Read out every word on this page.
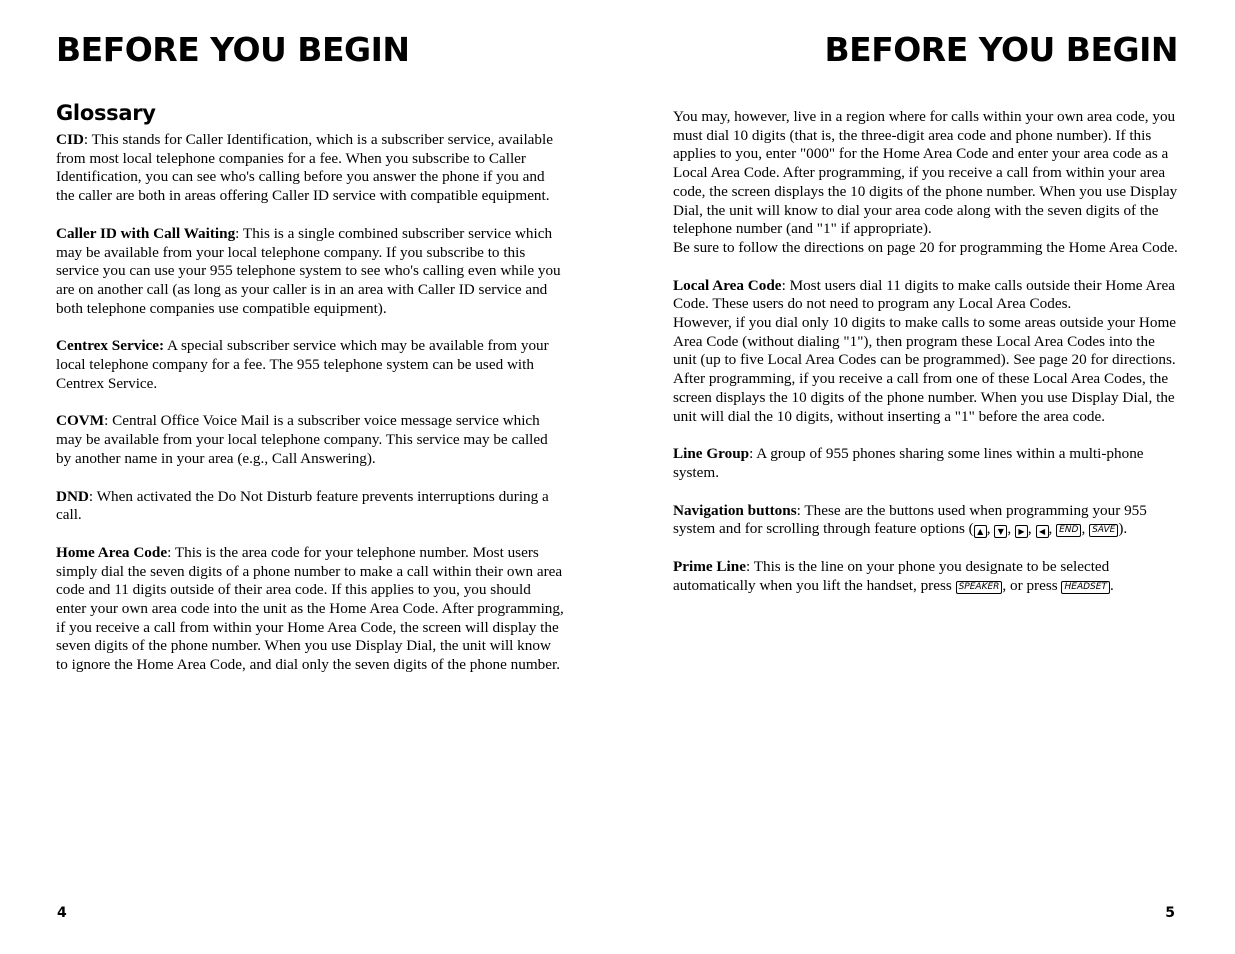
BEFORE YOU BEGIN	BEFORE YOU BEGIN
Glossary

CID: This stands for Caller Identification, which is a subscriber service, available from most local telephone companies for a fee. When you subscribe to Caller Identification, you can see who's calling before you answer the phone if you and the caller are both in areas offering Caller ID service with compatible equipment.

Caller ID with Call Waiting: This is a single combined subscriber service which may be available from your local telephone company. If you subscribe to this service you can use your 955 telephone system to see who's calling even while you are on another call (as long as your caller is in an area with Caller ID service and both telephone companies use compatible equipment).

Centrex Service: A special subscriber service which may be available from your local telephone company for a fee. The 955 telephone system can be used with Centrex Service.

COVM: Central Office Voice Mail is a subscriber voice message service which may be available from your local telephone company. This service may be called by another name in your area (e.g., Call Answering).

DND: When activated the Do Not Disturb feature prevents interruptions during a call.

Home Area Code: This is the area code for your telephone number. Most users simply dial the seven digits of a phone number to make a call within their own area code and 11 digits outside of their area code. If this applies to you, you should enter your own area code into the unit as the Home Area Code. After programming, if you receive a call from within your Home Area Code, the screen will display the seven digits of the phone number. When you use Display Dial, the unit will know to ignore the Home Area Code, and dial only the seven digits of the phone number.

You may, however, live in a region where for calls within your own area code, you must dial 10 digits (that is, the three-digit area code and phone number). If this applies to you, enter "000" for the Home Area Code and enter your area code as a Local Area Code. After programming, if you receive a call from within your area code, the screen displays the 10 digits of the phone number. When you use Display Dial, the unit will know to dial your area code along with the seven digits of the telephone number (and "1" if appropriate).

Be sure to follow the directions on page 20 for programming the Home Area Code.

Local Area Code: Most users dial 11 digits to make calls outside their Home Area Code. These users do not need to program any Local Area Codes.

However, if you dial only 10 digits to make calls to some areas outside your Home Area Code (without dialing "1"), then program these Local Area Codes into the unit (up to five Local Area Codes can be programmed). See page 20 for directions.

After programming, if you receive a call from one of these Local Area Codes, the screen displays the 10 digits of the phone number. When you use Display Dial, the unit will dial the 10 digits, without inserting a "1" before the area code.

Line Group: A group of 955 phones sharing some lines within a multi-phone system.

Navigation buttons: These are the buttons used when programming your 955 system and for scrolling through feature options ( ▲ , ▼ , ▶ , ◀ , END , SAVE ).

Prime Line: This is the line on your phone you designate to be selected automatically when you lift the handset, press SPEAKER , or press HEADSET .

4	5
